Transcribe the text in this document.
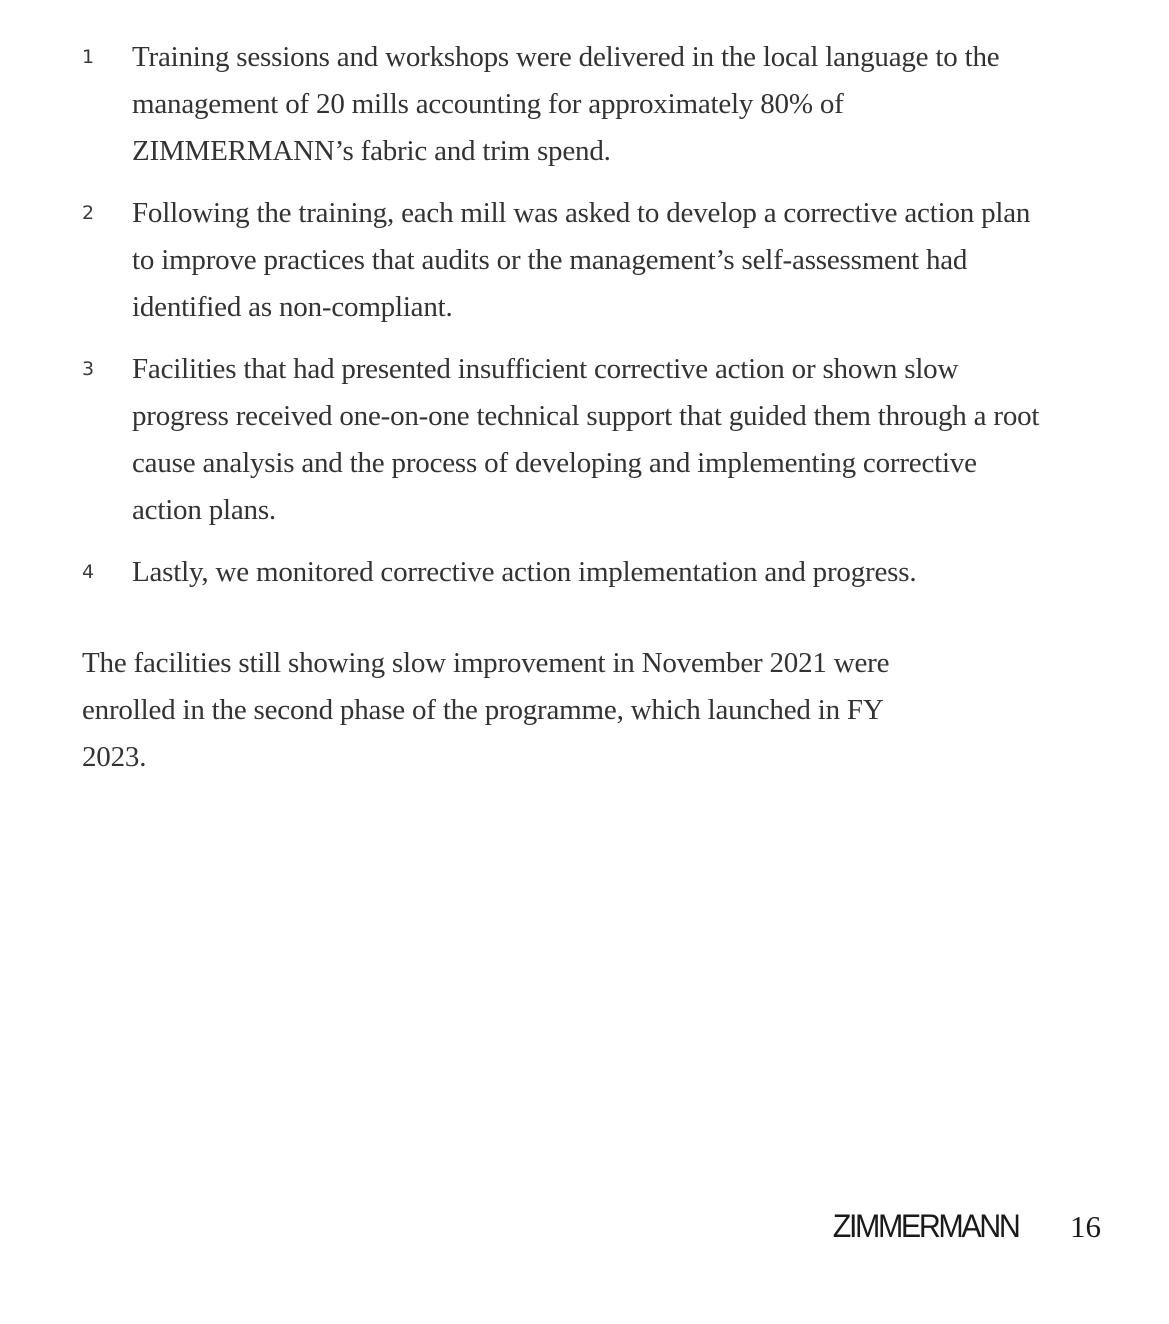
1	Training sessions and workshops were delivered in the local language to the management of 20 mills accounting for approximately 80% of ZIMMERMANN’s fabric and trim spend.
2	Following the training, each mill was asked to develop a corrective action plan to improve practices that audits or the management’s self-assessment had identified as non-compliant.
3	Facilities that had presented insufficient corrective action or shown slow progress received one-on-one technical support that guided them through a root cause analysis and the process of developing and implementing corrective action plans.
4	Lastly, we monitored corrective action implementation and progress.

The facilities still showing slow improvement in November 2021 were enrolled in the second phase of the programme, which launched in FY 2023.

ZIMMERMANN 16
